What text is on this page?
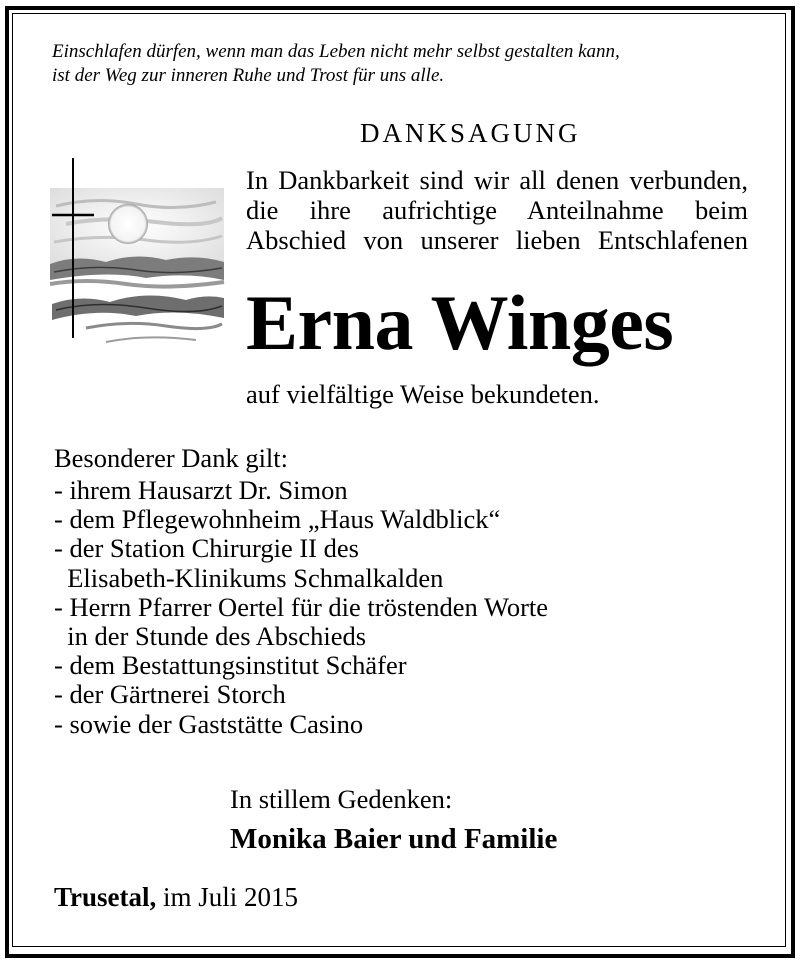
Einschlafen dürfen, wenn man das Leben nicht mehr selbst gestalten kann,
ist der Weg zur inneren Ruhe und Trost für uns alle.
DANKSAGUNG
In Dankbarkeit sind wir all denen verbunden,
die ihre aufrichtige Anteilnahme beim
Abschied von unserer lieben Entschlafenen
Erna Winges
auf vielfältige Weise bekundeten.
Besonderer Dank gilt:
- ihrem Hausarzt Dr. Simon
- dem Pflegewohnheim „Haus Waldblick“
- der Station Chirurgie II des
Elisabeth-Klinikums Schmalkalden
- Herrn Pfarrer Oertel für die tröstenden Worte
in der Stunde des Abschieds
- dem Bestattungsinstitut Schäfer
- der Gärtnerei Storch
- sowie der Gaststätte Casino
In stillem Gedenken:
Monika Baier und Familie
Trusetal, im Juli 2015
